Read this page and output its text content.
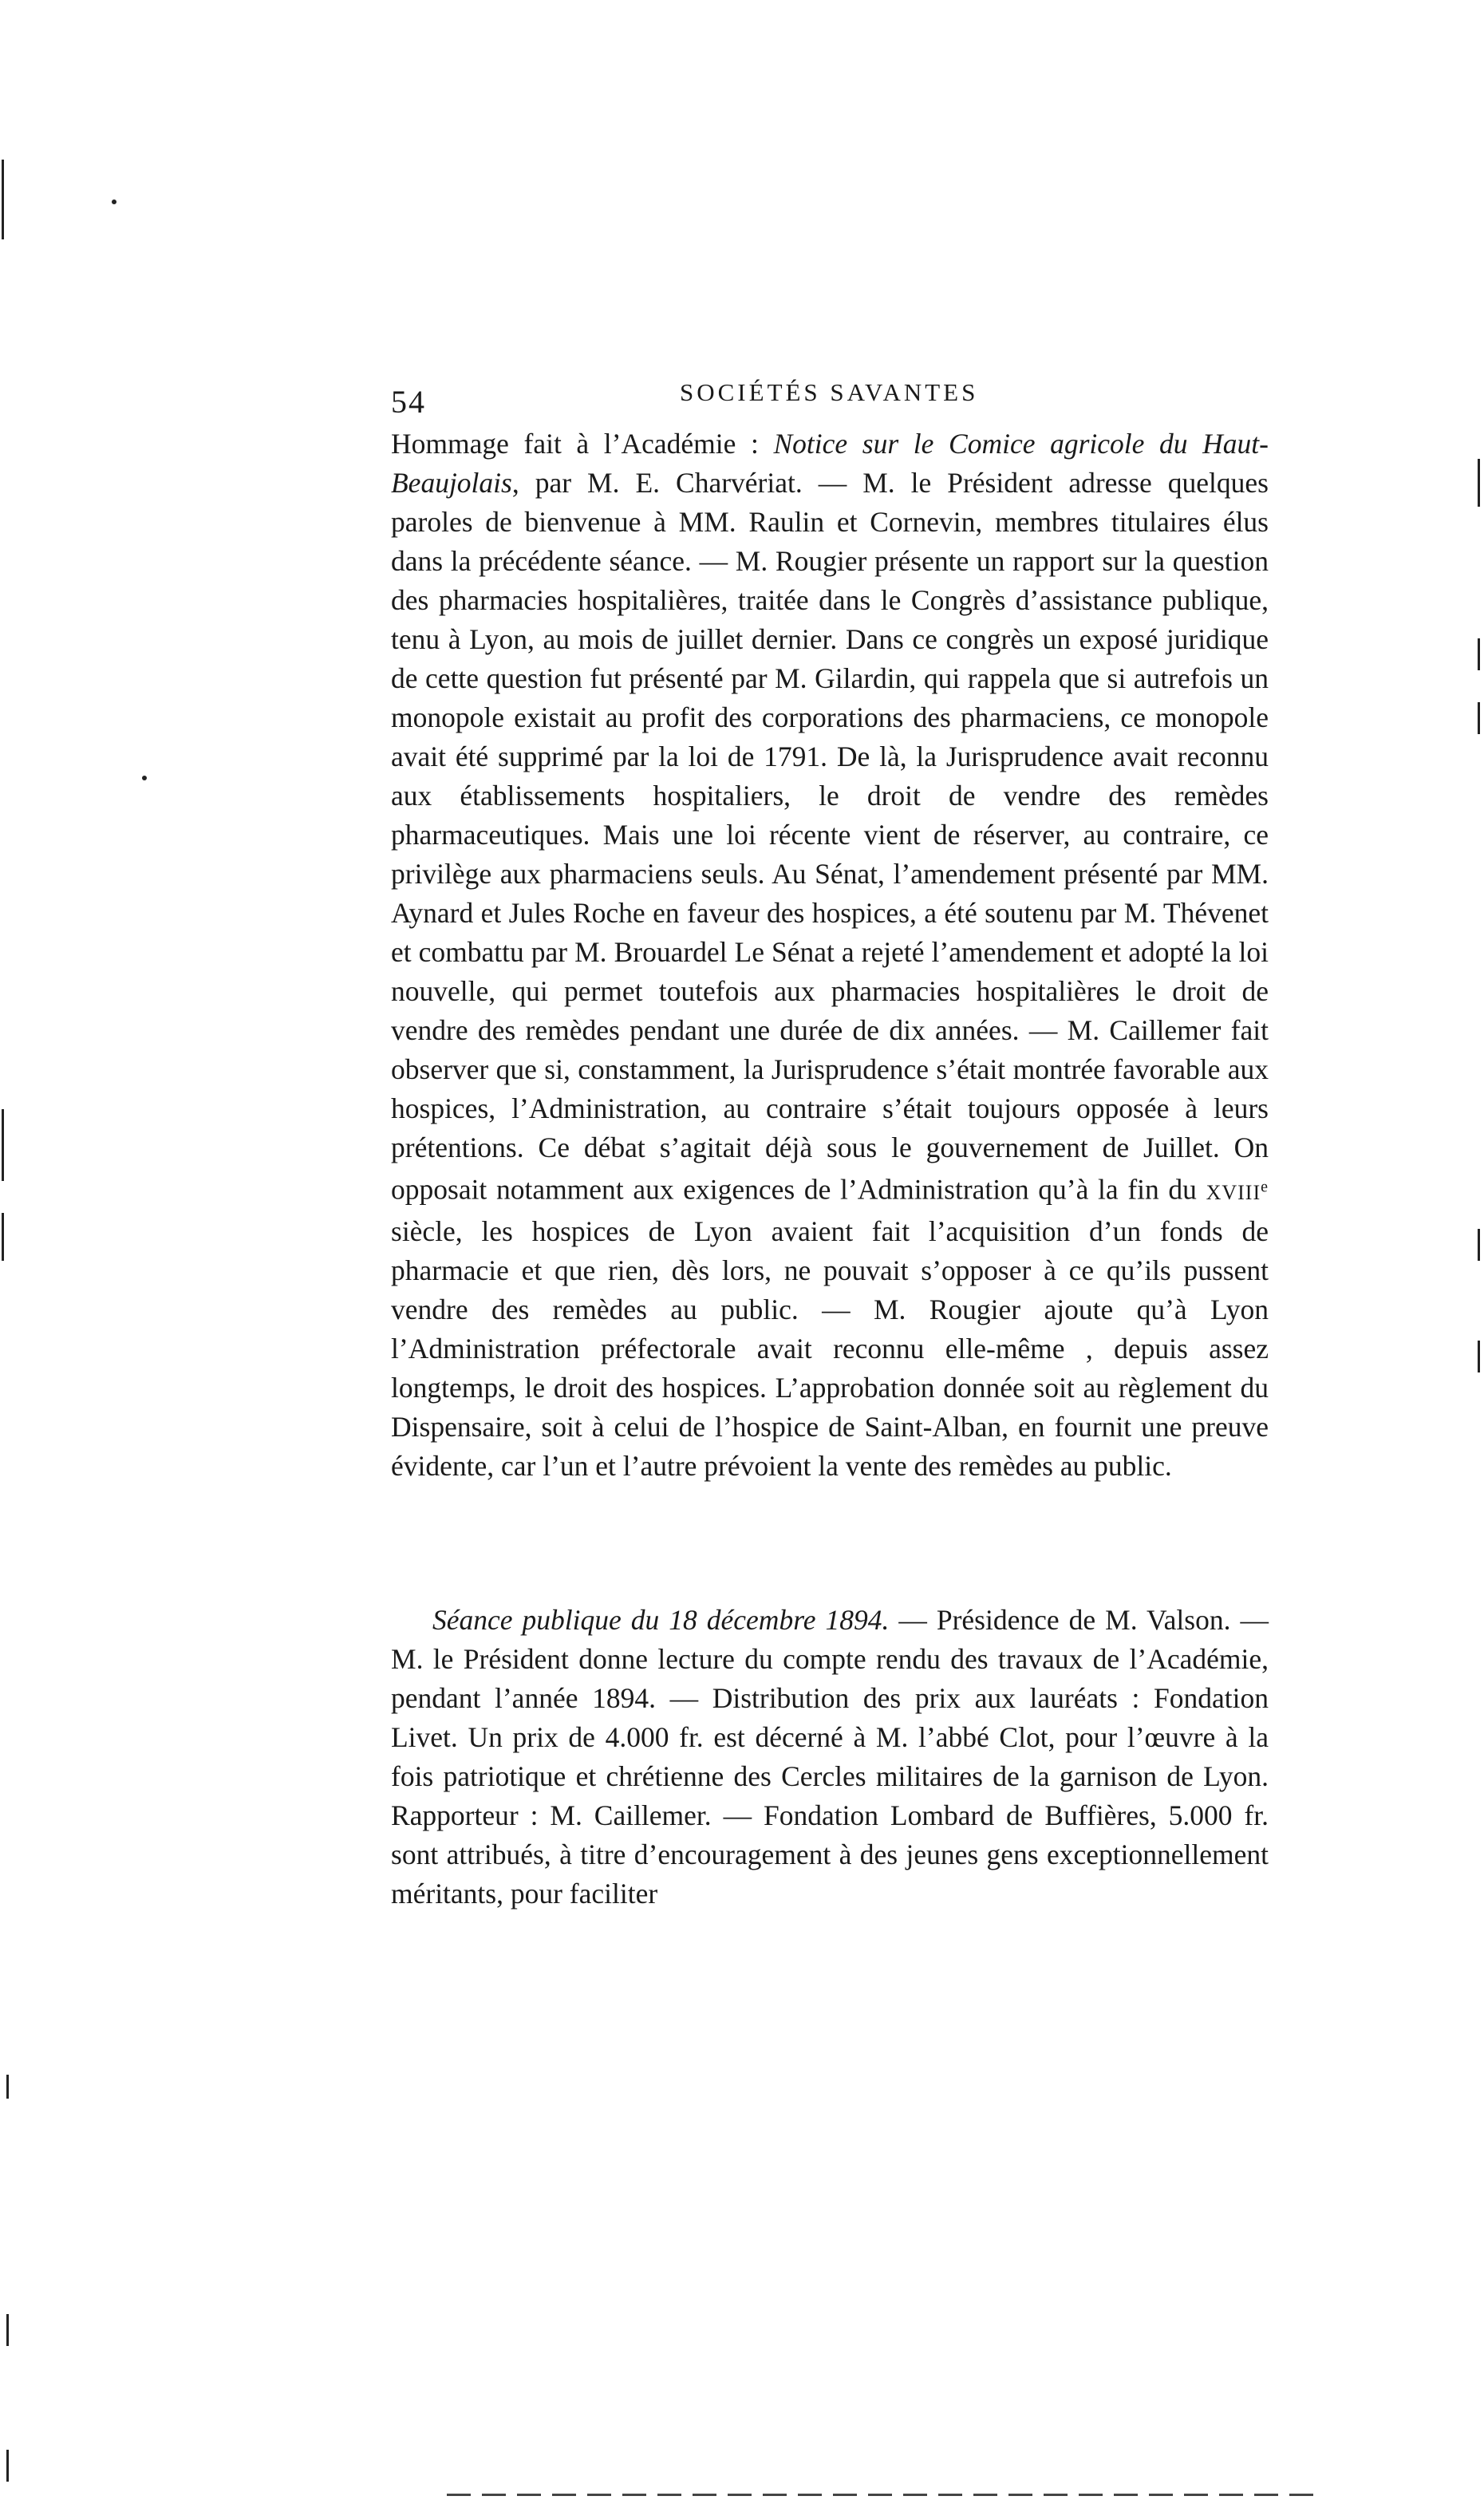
54	SOCIÉTÉS SAVANTES

Hommage fait à l’Académie : Notice sur le Comice agricole du Haut-Beaujolais, par M. E. Charvériat. — M. le Président adresse quelques paroles de bienvenue à MM. Raulin et Cornevin, membres titulaires élus dans la précédente séance. — M. Rougier présente un rapport sur la question des pharmacies hospitalières, traitée dans le Congrès d’assistance publique, tenu à Lyon, au mois de juillet dernier. Dans ce congrès un exposé juridique de cette question fut présenté par M. Gilardin, qui rappela que si autrefois un monopole existait au profit des corporations des pharmaciens, ce monopole avait été supprimé par la loi de 1791. De là, la Jurisprudence avait reconnu aux établissements hospitaliers, le droit de vendre des remèdes pharmaceutiques. Mais une loi récente vient de réserver, au contraire, ce privilège aux pharmaciens seuls. Au Sénat, l’amendement présenté par MM. Aynard et Jules Roche en faveur des hospices, a été soutenu par M. Thévenet et combattu par M. Brouardel Le Sénat a rejeté l’amendement et adopté la loi nouvelle, qui permet toutefois aux pharmacies hospitalières le droit de vendre des remèdes pendant une durée de dix années. — M. Caillemer fait observer que si, constamment, la Jurisprudence s’était montrée favorable aux hospices, l’Administration, au contraire s’était toujours opposée à leurs prétentions. Ce débat s’agitait déjà sous le gouvernement de Juillet. On opposait notamment aux exigences de l’Administration qu’à la fin du XVIIIe siècle, les hospices de Lyon avaient fait l’acquisition d’un fonds de pharmacie et que rien, dès lors, ne pouvait s’opposer à ce qu’ils pussent vendre des remèdes au public. — M. Rougier ajoute qu’à Lyon l’Administration préfectorale avait reconnu elle-même , depuis assez longtemps, le droit des hospices. L’approbation donnée soit au règlement du Dispensaire, soit à celui de l’hospice de Saint-Alban, en fournit une preuve évidente, car l’un et l’autre prévoient la vente des remèdes au public.

Séance publique du 18 décembre 1894. — Présidence de M. Valson. — M. le Président donne lecture du compte rendu des travaux de l’Académie, pendant l’année 1894. — Distribution des prix aux lauréats : Fondation Livet. Un prix de 4.000 fr. est décerné à M. l’abbé Clot, pour l’œuvre à la fois patriotique et chrétienne des Cercles militaires de la garnison de Lyon. Rapporteur : M. Caillemer. — Fondation Lombard de Buffières, 5.000 fr. sont attribués, à titre d’encouragement à des jeunes gens exceptionnellement méritants, pour faciliter
